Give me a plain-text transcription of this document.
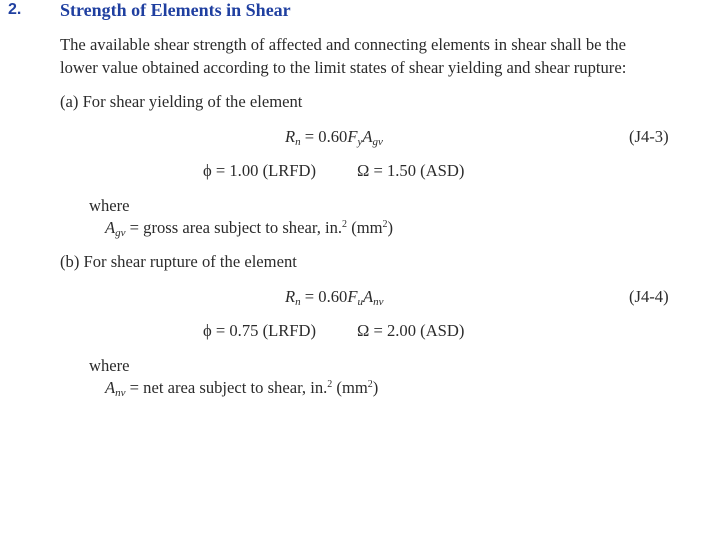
2. Strength of Elements in Shear
The available shear strength of affected and connecting elements in shear shall be the
lower value obtained according to the limit states of shear yielding and shear rupture:
(a) For shear yielding of the element
$R_n = 0.60F_yA_{gv}$	(J4-3)
ϕ = 1.00 (LRFD) Ω = 1.50 (ASD)
where
$A_{gv}$ = gross area subject to shear, in.$^2$ $(mm^2)$
(b) For shear rupture of the element
$R_n = 0.60F_uA_{nv}$	(J4-4)
ϕ = 0.75 (LRFD) Ω = 2.00 (ASD)
where
$A_{nv}$ = net area subject to shear, in.$^2$ $(mm^2)$
